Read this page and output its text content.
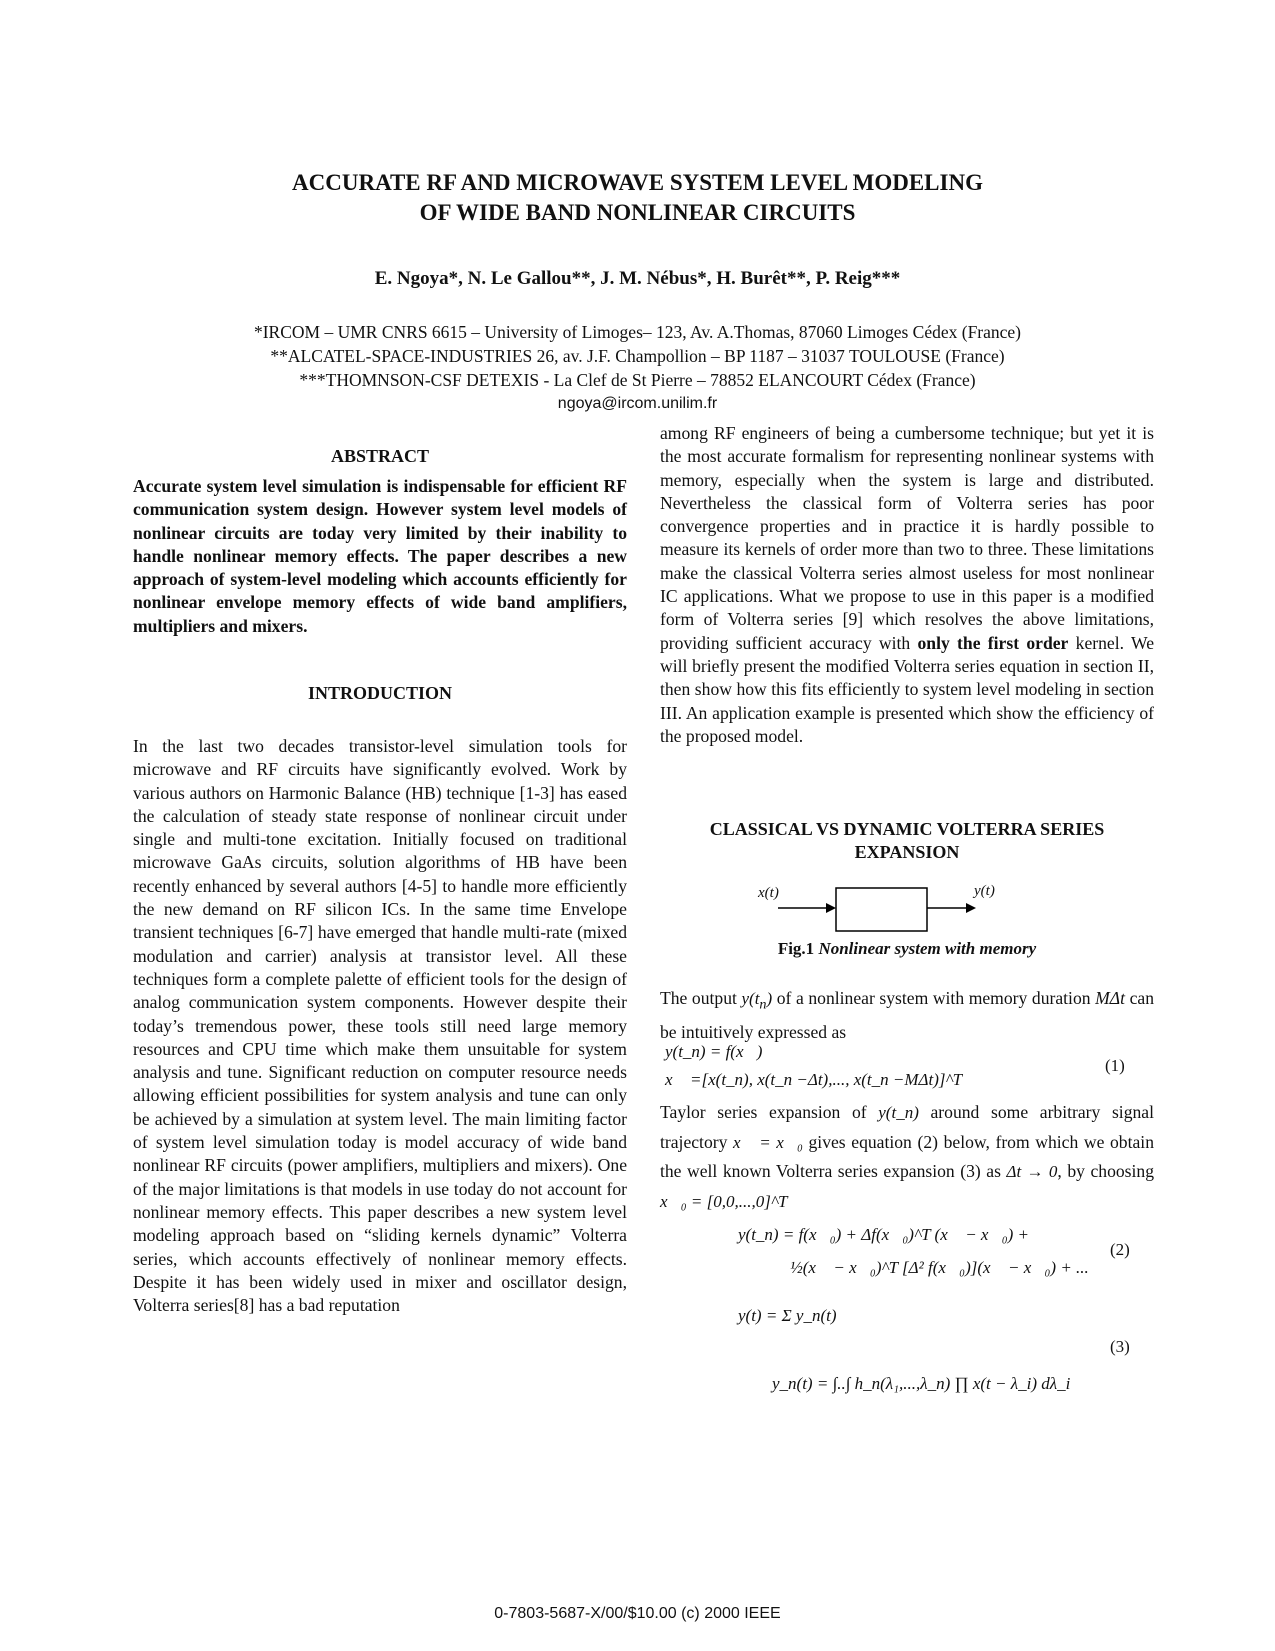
ACCURATE RF AND MICROWAVE SYSTEM LEVEL MODELING
OF WIDE BAND NONLINEAR CIRCUITS
E. Ngoya*, N. Le Gallou**, J. M. Nébus*, H. Burêt**, P. Reig***
*IRCOM – UMR CNRS 6615 – University of Limoges– 123, Av. A.Thomas, 87060 Limoges Cédex (France)
**ALCATEL-SPACE-INDUSTRIES 26, av. J.F. Champollion – BP 1187 – 31037 TOULOUSE (France)
***THOMNSON-CSF DETEXIS - La Clef de St Pierre – 78852 ELANCOURT Cédex (France)
ngoya@ircom.unilim.fr
ABSTRACT
Accurate system level simulation is indispensable for efficient RF communication system design. However system level models of nonlinear circuits are today very limited by their inability to handle nonlinear memory effects. The paper describes a new approach of system-level modeling which accounts efficiently for nonlinear envelope memory effects of wide band amplifiers, multipliers and mixers.
INTRODUCTION
In the last two decades transistor-level simulation tools for microwave and RF circuits have significantly evolved. Work by various authors on Harmonic Balance (HB) technique [1-3] has eased the calculation of steady state response of nonlinear circuit under single and multi-tone excitation. Initially focused on traditional microwave GaAs circuits, solution algorithms of HB have been recently enhanced by several authors [4-5] to handle more efficiently the new demand on RF silicon ICs. In the same time Envelope transient techniques [6-7] have emerged that handle multi-rate (mixed modulation and carrier) analysis at transistor level. All these techniques form a complete palette of efficient tools for the design of analog communication system components. However despite their today’s tremendous power, these tools still need large memory resources and CPU time which make them unsuitable for system analysis and tune. Significant reduction on computer resource needs allowing efficient possibilities for system analysis and tune can only be achieved by a simulation at system level. The main limiting factor of system level simulation today is model accuracy of wide band nonlinear RF circuits (power amplifiers, multipliers and mixers). One of the major limitations is that models in use today do not account for nonlinear memory effects. This paper describes a new system level modeling approach based on “sliding kernels dynamic” Volterra series, which accounts effectively of nonlinear memory effects. Despite it has been widely used in mixer and oscillator design, Volterra series[8] has a bad reputation
among RF engineers of being a cumbersome technique; but yet it is the most accurate formalism for representing nonlinear systems with memory, especially when the system is large and distributed. Nevertheless the classical form of Volterra series has poor convergence properties and in practice it is hardly possible to measure its kernels of order more than two to three. These limitations make the classical Volterra series almost useless for most nonlinear IC applications. What we propose to use in this paper is a modified form of Volterra series [9] which resolves the above limitations, providing sufficient accuracy with only the first order kernel. We will briefly present the modified Volterra series equation in section II, then show how this fits efficiently to system level modeling in section III. An application example is presented which show the efficiency of the proposed model.
CLASSICAL VS DYNAMIC VOLTERRA SERIES EXPANSION
x(t)	y(t)
Fig.1 Nonlinear system with memory
The output $y(t_n)$ of a nonlinear system with memory duration MΔt can be intuitively expressed as
y(t_n) = f(x⃗)
x⃗ =[x(t_n), x(t_n −Δt),..., x(t_n −MΔt)]^T
(1)
Taylor series expansion of y(t_n) around some arbitrary signal trajectory x⃗ = x⃗₀ gives equation (2) below, from which we obtain the well known Volterra series expansion (3) as Δt → 0, by choosing x⃗₀ = [0,0,...,0]^T
y(t_n) = f(x⃗₀) + Δf(x⃗₀)^T (x⃗ − x⃗₀) +
½(x⃗ − x⃗₀)^T [Δ² f(x⃗₀)](x⃗ − x⃗₀) + ...
(2)
y(t) = Σ y_n(t)
y_n(t) = ∫..∫ h_n(λ₁,...,λ_n) ∏ x(t − λ_i) dλ_i
(3)
0-7803-5687-X/00/$10.00 (c) 2000 IEEE
